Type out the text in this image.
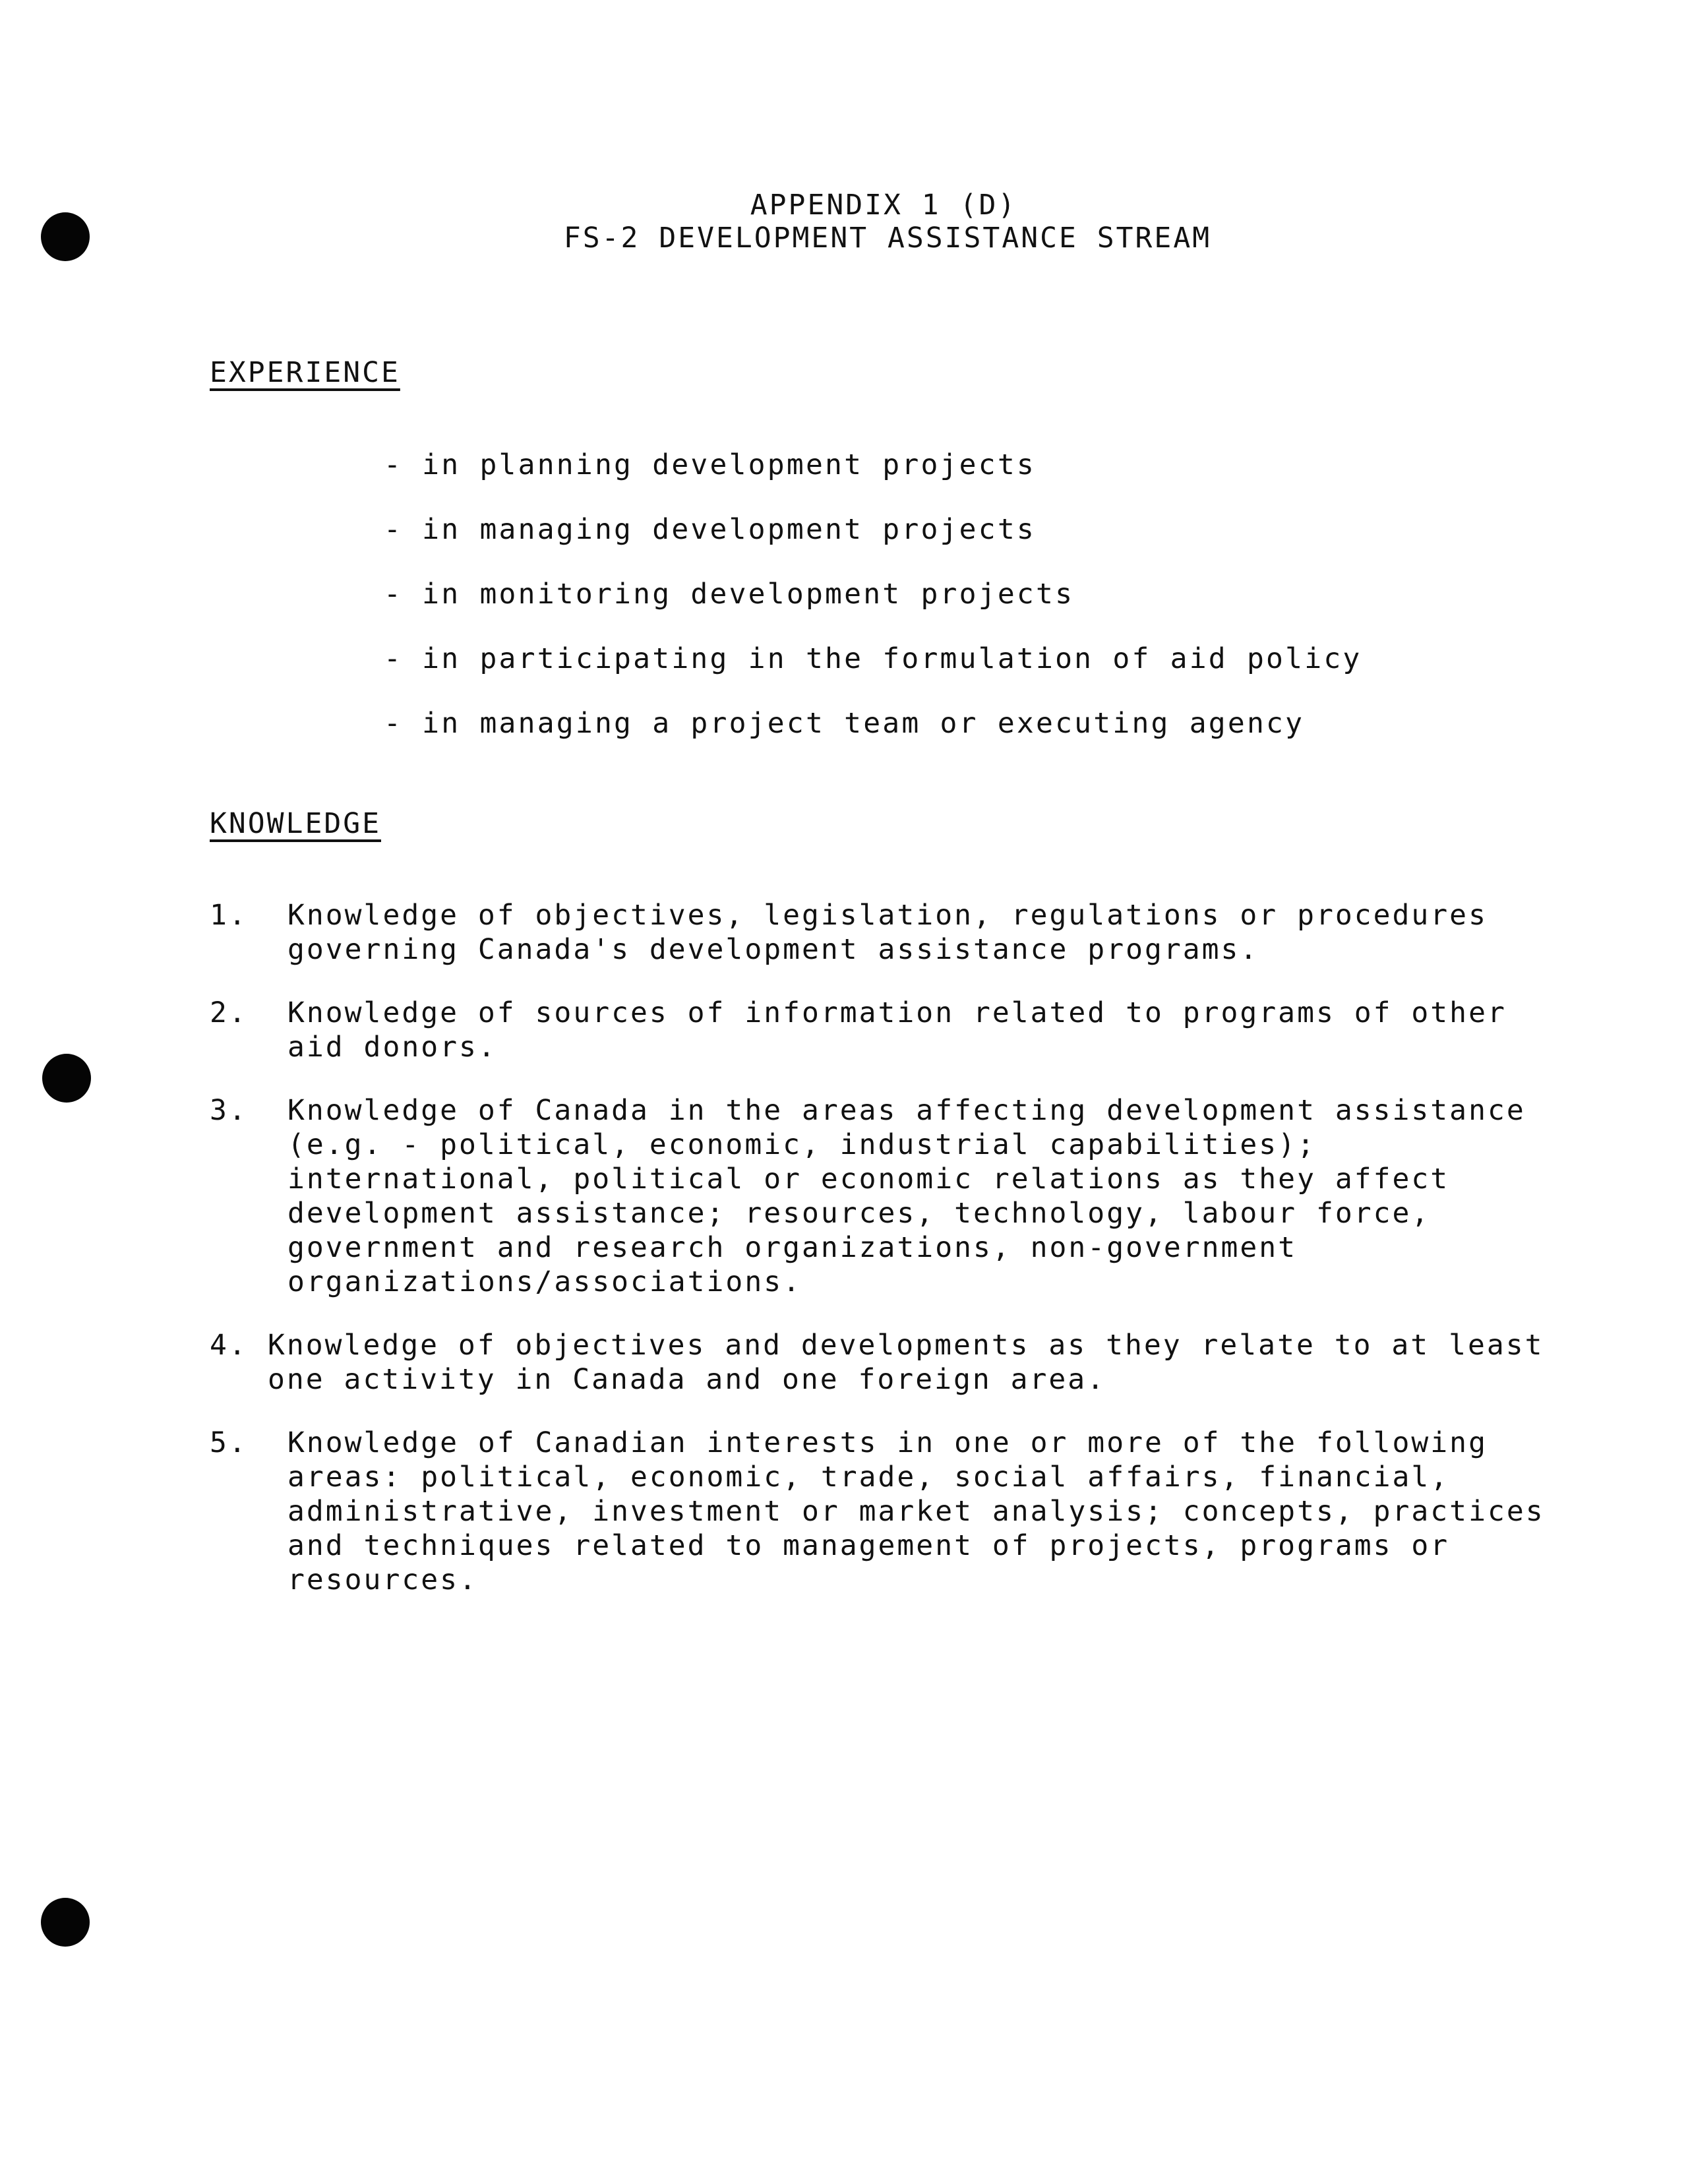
APPENDIX 1 (D)
FS-2 DEVELOPMENT ASSISTANCE STREAM
EXPERIENCE
- in planning development projects
- in managing development projects
- in monitoring development projects
- in participating in the formulation of aid policy
- in managing a project team or executing agency
KNOWLEDGE
1. Knowledge of objectives, legislation, regulations or procedures
governing Canada's development assistance programs.
2. Knowledge of sources of information related to programs of other
aid donors.
3. Knowledge of Canada in the areas affecting development assistance
(e.g. - political, economic, industrial capabilities);
international, political or economic relations as they affect
development assistance; resources, technology, labour force,
government and research organizations, non-government
organizations/associations.
4. Knowledge of objectives and developments as they relate to at least
one activity in Canada and one foreign area.
5. Knowledge of Canadian interests in one or more of the following
areas: political, economic, trade, social affairs, financial,
administrative, investment or market analysis; concepts, practices
and techniques related to management of projects, programs or
resources.
